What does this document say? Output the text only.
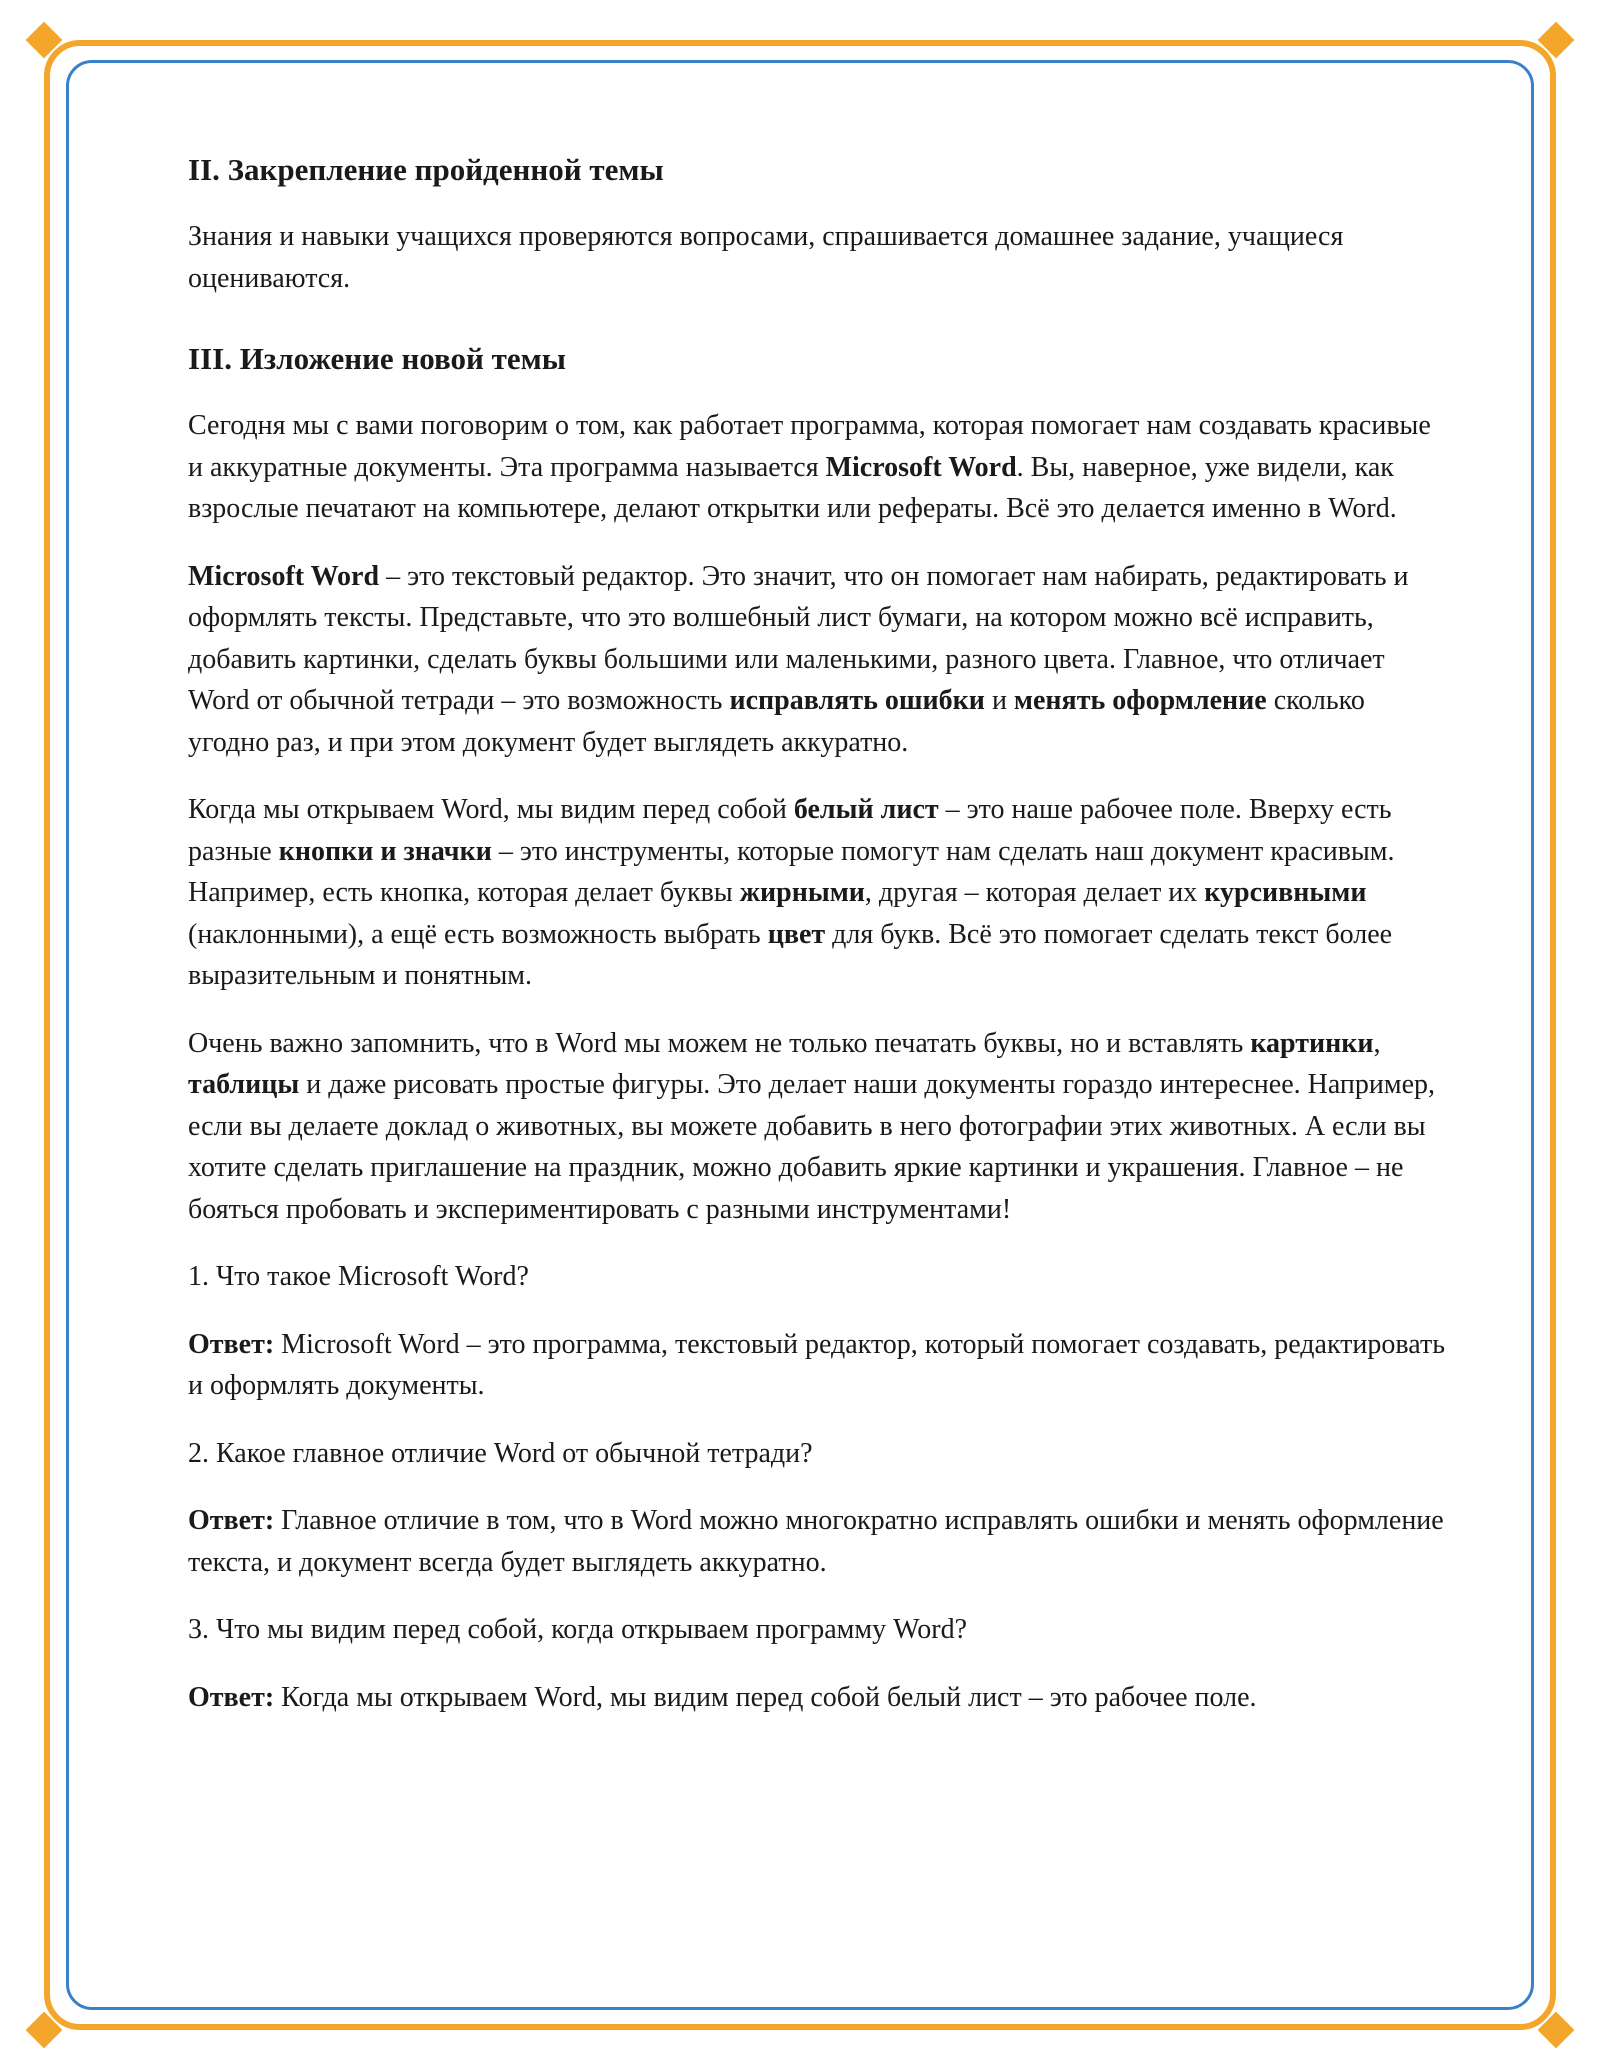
II. Закрепление пройденной темы

Знания и навыки учащихся проверяются вопросами, спрашивается домашнее задание, учащиеся оцениваются.

III. Изложение новой темы

Сегодня мы с вами поговорим о том, как работает программа, которая помогает нам создавать красивые и аккуратные документы. Эта программа называется Microsoft Word. Вы, наверное, уже видели, как взрослые печатают на компьютере, делают открытки или рефераты. Всё это делается именно в Word.

Microsoft Word – это текстовый редактор. Это значит, что он помогает нам набирать, редактировать и оформлять тексты. Представьте, что это волшебный лист бумаги, на котором можно всё исправить, добавить картинки, сделать буквы большими или маленькими, разного цвета. Главное, что отличает Word от обычной тетради – это возможность исправлять ошибки и менять оформление сколько угодно раз, и при этом документ будет выглядеть аккуратно.

Когда мы открываем Word, мы видим перед собой белый лист – это наше рабочее поле. Вверху есть разные кнопки и значки – это инструменты, которые помогут нам сделать наш документ красивым. Например, есть кнопка, которая делает буквы жирными, другая – которая делает их курсивными (наклонными), а ещё есть возможность выбрать цвет для букв. Всё это помогает сделать текст более выразительным и понятным.

Очень важно запомнить, что в Word мы можем не только печатать буквы, но и вставлять картинки, таблицы и даже рисовать простые фигуры. Это делает наши документы гораздо интереснее. Например, если вы делаете доклад о животных, вы можете добавить в него фотографии этих животных. А если вы хотите сделать приглашение на праздник, можно добавить яркие картинки и украшения. Главное – не бояться пробовать и экспериментировать с разными инструментами!

1. Что такое Microsoft Word?

Ответ: Microsoft Word – это программа, текстовый редактор, который помогает создавать, редактировать и оформлять документы.

2. Какое главное отличие Word от обычной тетради?

Ответ: Главное отличие в том, что в Word можно многократно исправлять ошибки и менять оформление текста, и документ всегда будет выглядеть аккуратно.

3. Что мы видим перед собой, когда открываем программу Word?

Ответ: Когда мы открываем Word, мы видим перед собой белый лист – это рабочее поле.
